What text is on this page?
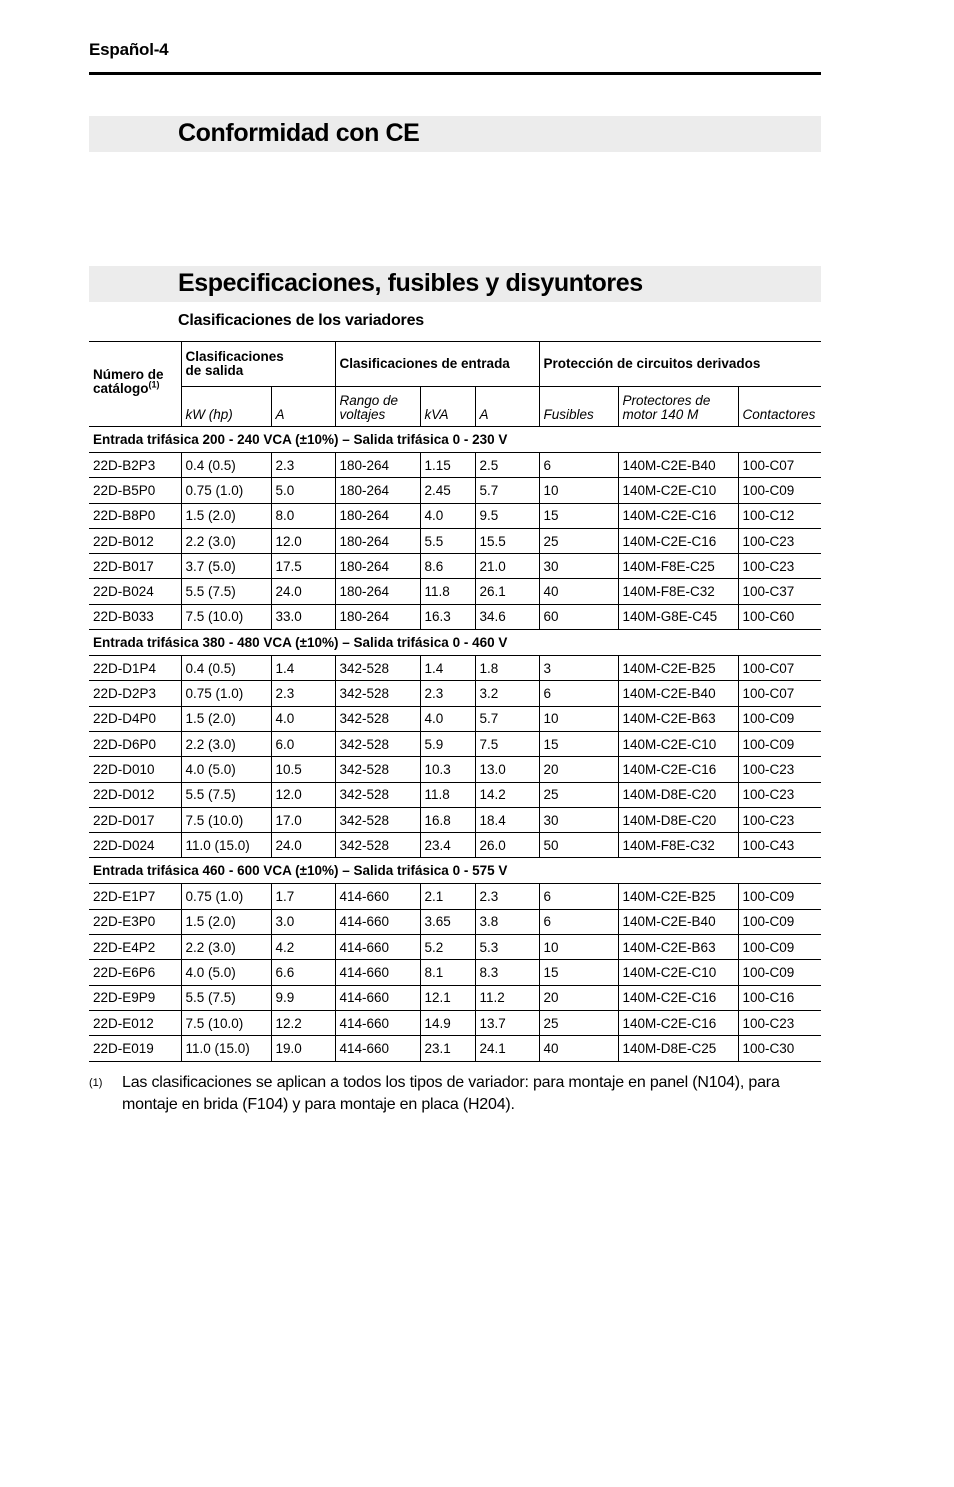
Español-4
Conformidad con CE
Especificaciones, fusibles y disyuntores
Clasificaciones de los variadores
Número de catálogo$^{(1)}$	Clasificaciones de salida		Clasificaciones de entrada			Protección de circuitos derivados		
	kW (hp)	A	Rango de voltajes	kVA	A	Fusibles	Protectores de motor 140 M	Contactores
Entrada trifásica 200 - 240 VCA (±10%) – Salida trifásica 0 - 230 V								
22D-B2P3	0.4 (0.5)	2.3	180-264	1.15	2.5	6	140M-C2E-B40	100-C07
22D-B5P0	0.75 (1.0)	5.0	180-264	2.45	5.7	10	140M-C2E-C10	100-C09
22D-B8P0	1.5 (2.0)	8.0	180-264	4.0	9.5	15	140M-C2E-C16	100-C12
22D-B012	2.2 (3.0)	12.0	180-264	5.5	15.5	25	140M-C2E-C16	100-C23
22D-B017	3.7 (5.0)	17.5	180-264	8.6	21.0	30	140M-F8E-C25	100-C23
22D-B024	5.5 (7.5)	24.0	180-264	11.8	26.1	40	140M-F8E-C32	100-C37
22D-B033	7.5 (10.0)	33.0	180-264	16.3	34.6	60	140M-G8E-C45	100-C60
Entrada trifásica 380 - 480 VCA (±10%) – Salida trifásica 0 - 460 V								
22D-D1P4	0.4 (0.5)	1.4	342-528	1.4	1.8	3	140M-C2E-B25	100-C07
22D-D2P3	0.75 (1.0)	2.3	342-528	2.3	3.2	6	140M-C2E-B40	100-C07
22D-D4P0	1.5 (2.0)	4.0	342-528	4.0	5.7	10	140M-C2E-B63	100-C09
22D-D6P0	2.2 (3.0)	6.0	342-528	5.9	7.5	15	140M-C2E-C10	100-C09
22D-D010	4.0 (5.0)	10.5	342-528	10.3	13.0	20	140M-C2E-C16	100-C23
22D-D012	5.5 (7.5)	12.0	342-528	11.8	14.2	25	140M-D8E-C20	100-C23
22D-D017	7.5 (10.0)	17.0	342-528	16.8	18.4	30	140M-D8E-C20	100-C23
22D-D024	11.0 (15.0)	24.0	342-528	23.4	26.0	50	140M-F8E-C32	100-C43
Entrada trifásica 460 - 600 VCA (±10%) – Salida trifásica 0 - 575 V								
22D-E1P7	0.75 (1.0)	1.7	414-660	2.1	2.3	6	140M-C2E-B25	100-C09
22D-E3P0	1.5 (2.0)	3.0	414-660	3.65	3.8	6	140M-C2E-B40	100-C09
22D-E4P2	2.2 (3.0)	4.2	414-660	5.2	5.3	10	140M-C2E-B63	100-C09
22D-E6P6	4.0 (5.0)	6.6	414-660	8.1	8.3	15	140M-C2E-C10	100-C09
22D-E9P9	5.5 (7.5)	9.9	414-660	12.1	11.2	20	140M-C2E-C16	100-C16
22D-E012	7.5 (10.0)	12.2	414-660	14.9	13.7	25	140M-C2E-C16	100-C23
22D-E019	11.0 (15.0)	19.0	414-660	23.1	24.1	40	140M-D8E-C25	100-C30
(1) Las clasificaciones se aplican a todos los tipos de variador: para montaje en panel (N104), para montaje en brida (F104) y para montaje en placa (H204).
